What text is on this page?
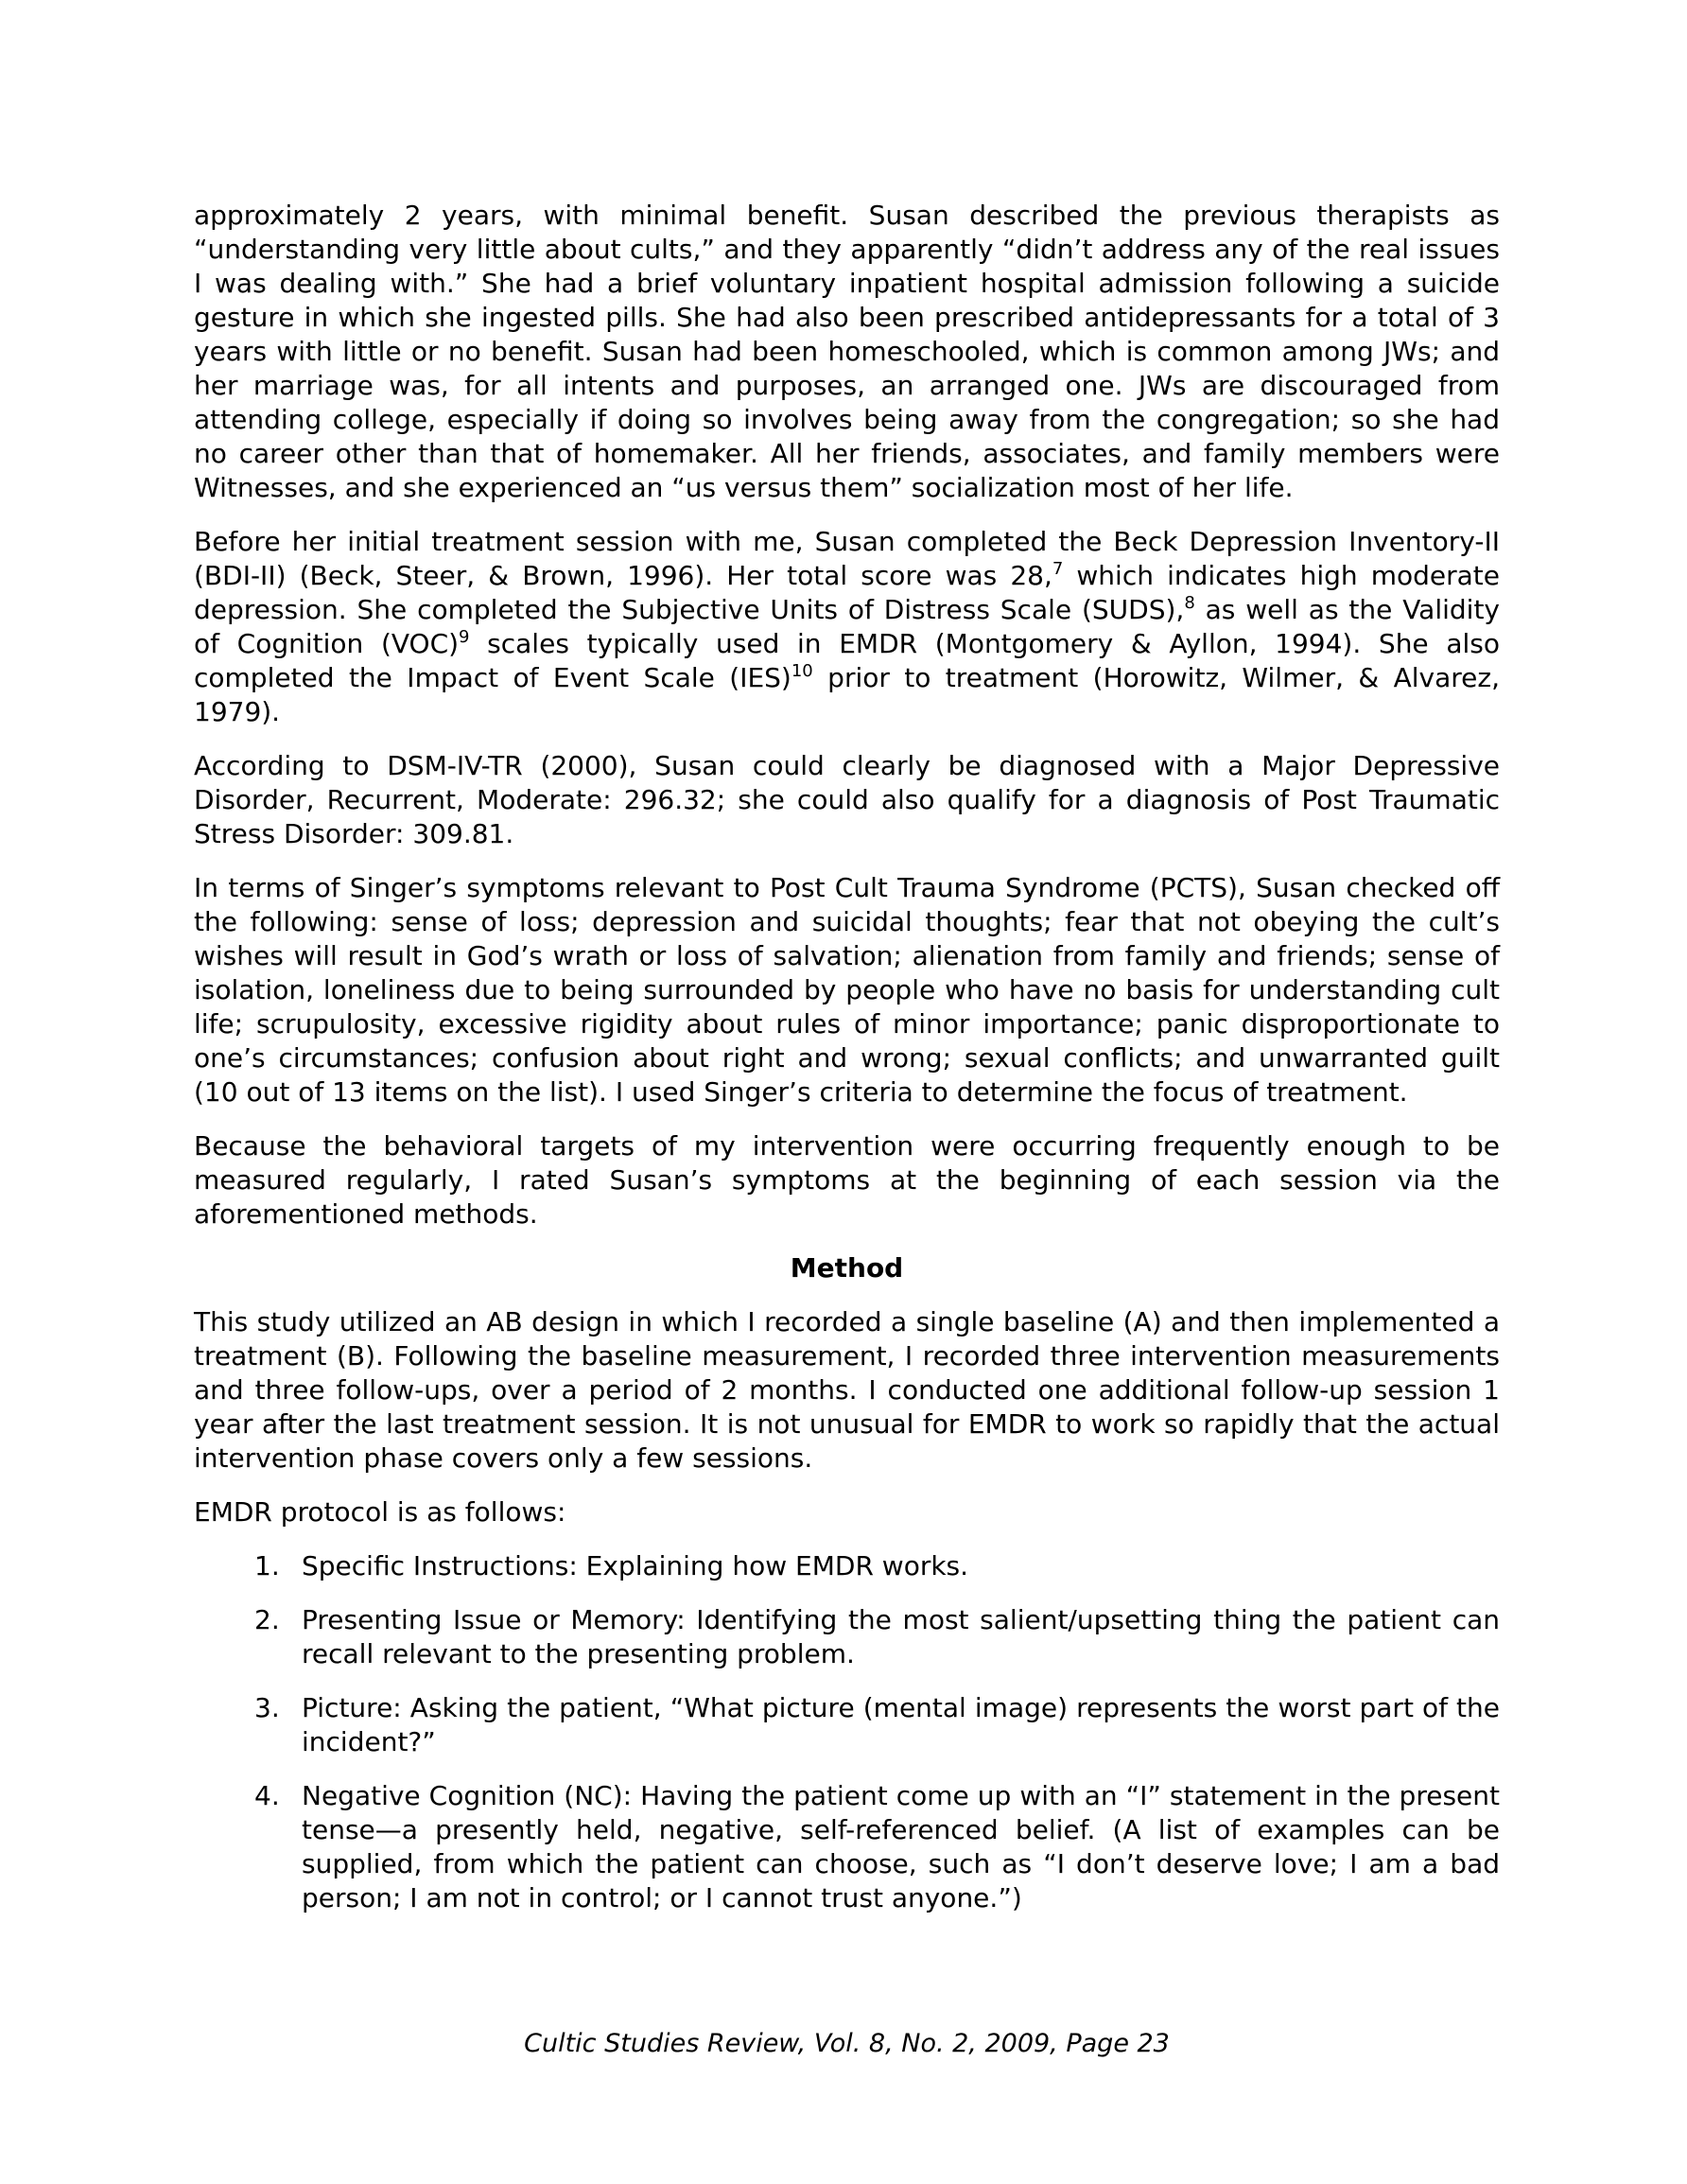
approximately 2 years, with minimal benefit. Susan described the previous therapists as “understanding very little about cults,” and they apparently “didn’t address any of the real issues I was dealing with.” She had a brief voluntary inpatient hospital admission following a suicide gesture in which she ingested pills. She had also been prescribed antidepressants for a total of 3 years with little or no benefit. Susan had been homeschooled, which is common among JWs; and her marriage was, for all intents and purposes, an arranged one. JWs are discouraged from attending college, especially if doing so involves being away from the congregation; so she had no career other than that of homemaker. All her friends, associates, and family members were Witnesses, and she experienced an “us versus them” socialization most of her life.

Before her initial treatment session with me, Susan completed the Beck Depression Inventory-II (BDI-II) (Beck, Steer, & Brown, 1996). Her total score was 28,$^7$ which indicates high moderate depression. She completed the Subjective Units of Distress Scale (SUDS),$^8$ as well as the Validity of Cognition (VOC)$^9$ scales typically used in EMDR (Montgomery & Ayllon, 1994). She also completed the Impact of Event Scale (IES)$^{10}$ prior to treatment (Horowitz, Wilmer, & Alvarez, 1979).

According to DSM-IV-TR (2000), Susan could clearly be diagnosed with a Major Depressive Disorder, Recurrent, Moderate: 296.32; she could also qualify for a diagnosis of Post Traumatic Stress Disorder: 309.81.

In terms of Singer’s symptoms relevant to Post Cult Trauma Syndrome (PCTS), Susan checked off the following: sense of loss; depression and suicidal thoughts; fear that not obeying the cult’s wishes will result in God’s wrath or loss of salvation; alienation from family and friends; sense of isolation, loneliness due to being surrounded by people who have no basis for understanding cult life; scrupulosity, excessive rigidity about rules of minor importance; panic disproportionate to one’s circumstances; confusion about right and wrong; sexual conflicts; and unwarranted guilt (10 out of 13 items on the list). I used Singer’s criteria to determine the focus of treatment.

Because the behavioral targets of my intervention were occurring frequently enough to be measured regularly, I rated Susan’s symptoms at the beginning of each session via the aforementioned methods.

Method

This study utilized an AB design in which I recorded a single baseline (A) and then implemented a treatment (B). Following the baseline measurement, I recorded three intervention measurements and three follow-ups, over a period of 2 months. I conducted one additional follow-up session 1 year after the last treatment session. It is not unusual for EMDR to work so rapidly that the actual intervention phase covers only a few sessions.

EMDR protocol is as follows:

1. Specific Instructions: Explaining how EMDR works.
2. Presenting Issue or Memory: Identifying the most salient/upsetting thing the patient can recall relevant to the presenting problem.
3. Picture: Asking the patient, “What picture (mental image) represents the worst part of the incident?”
4. Negative Cognition (NC): Having the patient come up with an “I” statement in the present tense—a presently held, negative, self-referenced belief. (A list of examples can be supplied, from which the patient can choose, such as “I don’t deserve love; I am a bad person; I am not in control; or I cannot trust anyone.”)
Cultic Studies Review, Vol. 8, No. 2, 2009, Page 23
